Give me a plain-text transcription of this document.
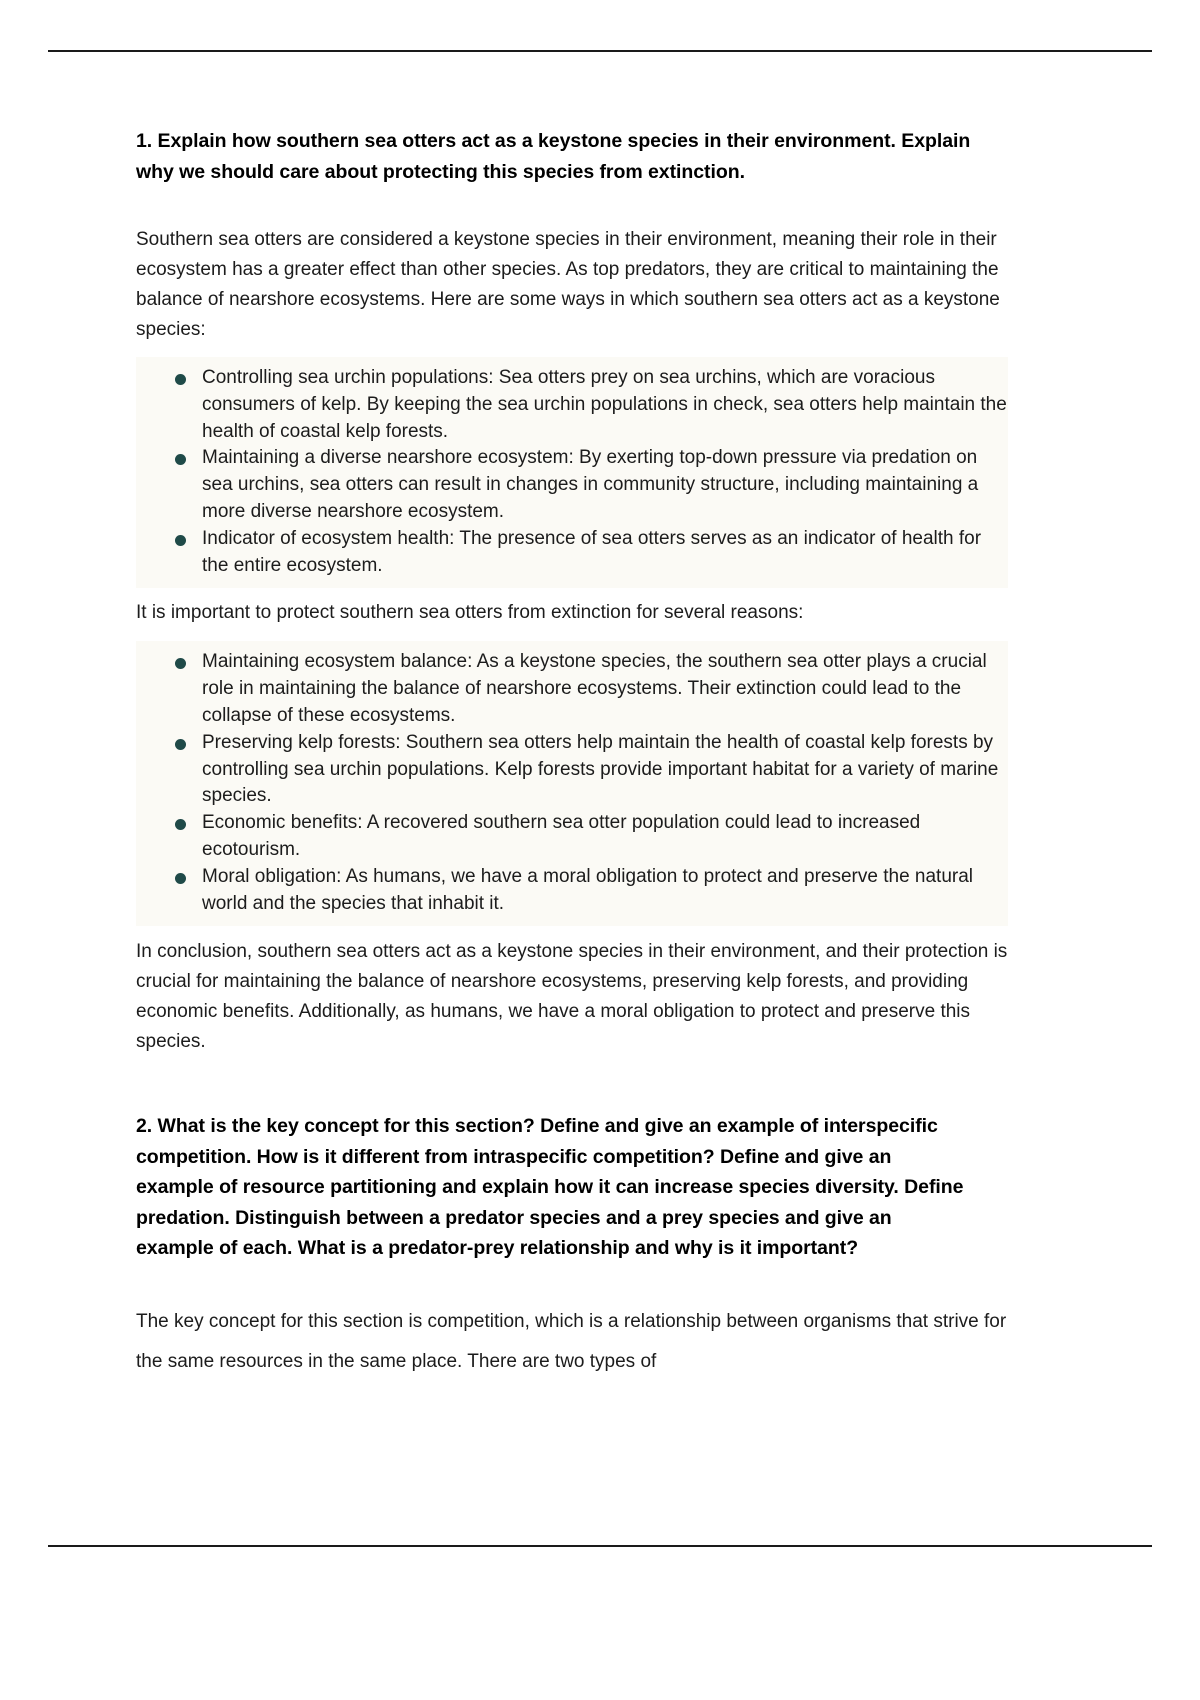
1. Explain how southern sea otters act as a keystone species in their environment. Explain why we should care about protecting this species from extinction.

Southern sea otters are considered a keystone species in their environment, meaning their role in their ecosystem has a greater effect than other species. As top predators, they are critical to maintaining the balance of nearshore ecosystems. Here are some ways in which southern sea otters act as a keystone species:

Controlling sea urchin populations: Sea otters prey on sea urchins, which are voracious consumers of kelp. By keeping the sea urchin populations in check, sea otters help maintain the health of coastal kelp forests.
Maintaining a diverse nearshore ecosystem: By exerting top-down pressure via predation on sea urchins, sea otters can result in changes in community structure, including maintaining a more diverse nearshore ecosystem.
Indicator of ecosystem health: The presence of sea otters serves as an indicator of health for the entire ecosystem.

It is important to protect southern sea otters from extinction for several reasons:

Maintaining ecosystem balance: As a keystone species, the southern sea otter plays a crucial role in maintaining the balance of nearshore ecosystems. Their extinction could lead to the collapse of these ecosystems.
Preserving kelp forests: Southern sea otters help maintain the health of coastal kelp forests by controlling sea urchin populations. Kelp forests provide important habitat for a variety of marine species.
Economic benefits: A recovered southern sea otter population could lead to increased ecotourism.
Moral obligation: As humans, we have a moral obligation to protect and preserve the natural world and the species that inhabit it.

In conclusion, southern sea otters act as a keystone species in their environment, and their protection is crucial for maintaining the balance of nearshore ecosystems, preserving kelp forests, and providing economic benefits. Additionally, as humans, we have a moral obligation to protect and preserve this species.

2. What is the key concept for this section? Define and give an example of interspecific competition. How is it different from intraspecific competition? Define and give an example of resource partitioning and explain how it can increase species diversity. Define predation. Distinguish between a predator species and a prey species and give an example of each. What is a predator-prey relationship and why is it important?

The key concept for this section is competition, which is a relationship between organisms that strive for the same resources in the same place. There are two types of
